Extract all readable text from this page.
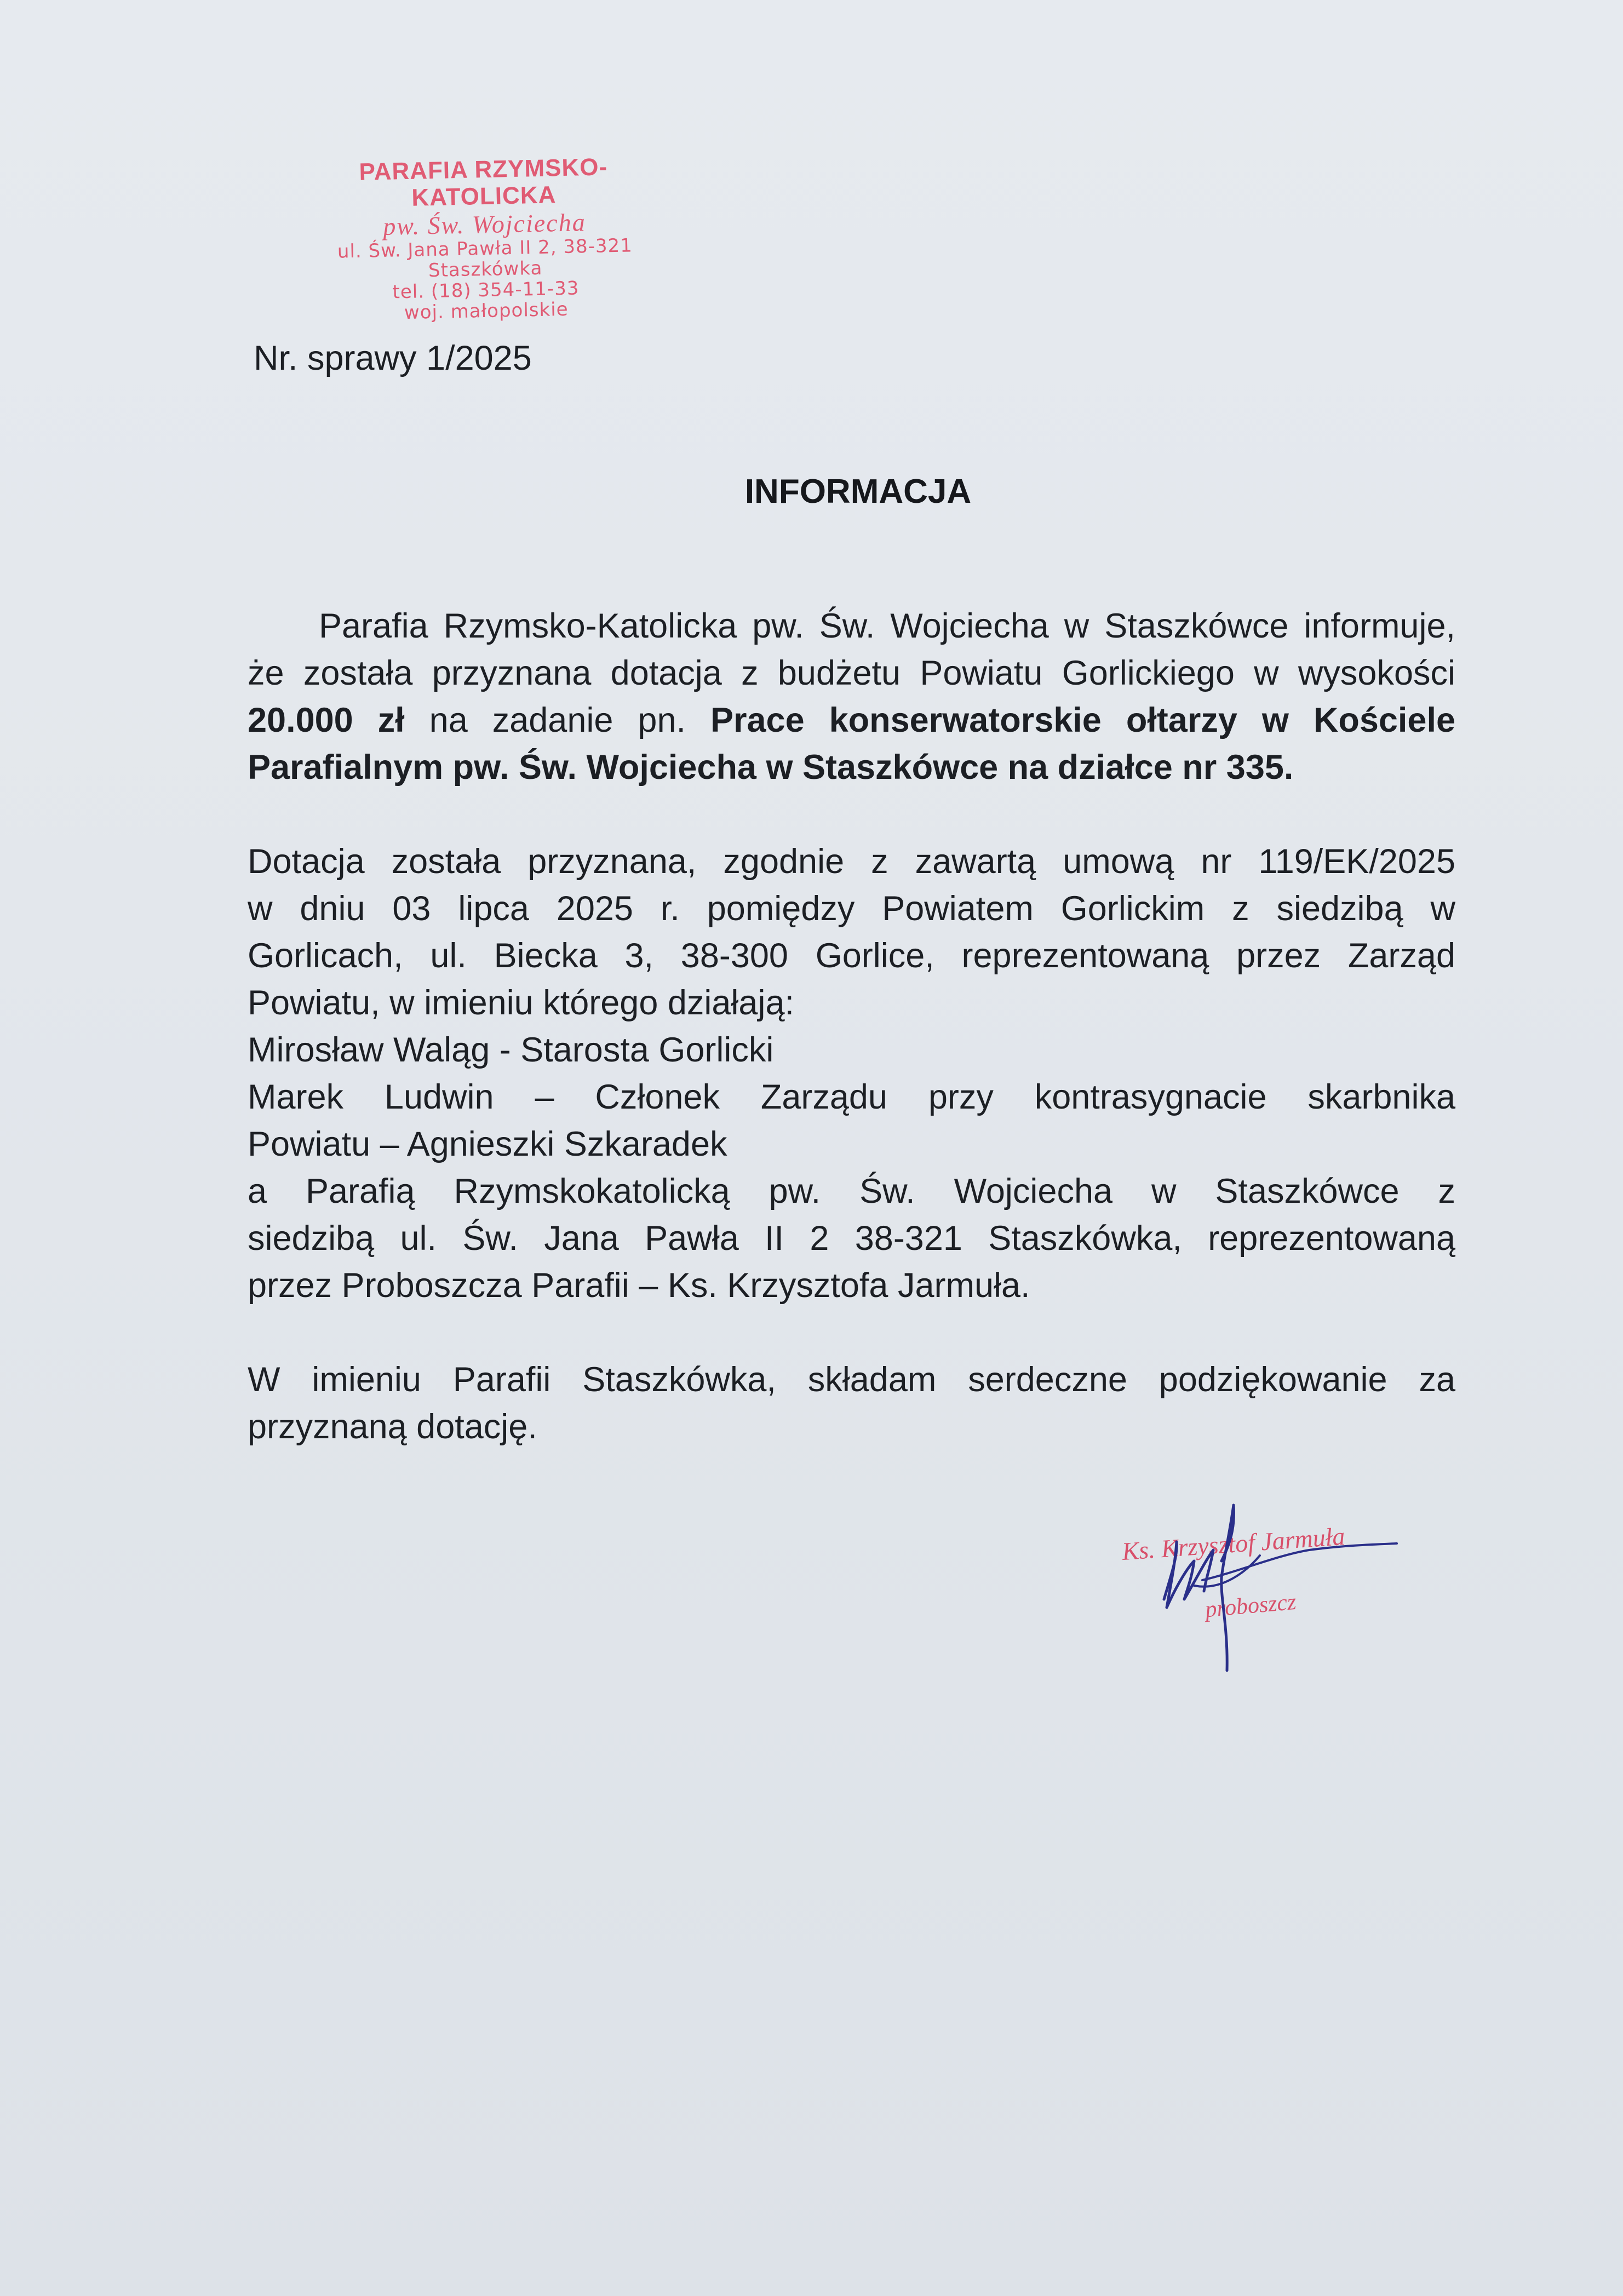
PARAFIA RZYMSKO-KATOLICKA
pw. Św. Wojciecha
ul. Św. Jana Pawła II 2, 38-321 Staszkówka
tel. (18) 354-11-33
woj. małopolskie
Nr. sprawy 1/2025
INFORMACJA

Parafia Rzymsko-Katolicka pw. Św. Wojciecha w Staszkówce informuje, że została przyznana dotacja z budżetu Powiatu Gorlickiego w wysokości 20.000 zł na zadanie pn. Prace konserwatorskie ołtarzy w Kościele Parafialnym pw. Św. Wojciecha w Staszkówce na działce nr 335.

Dotacja została przyznana, zgodnie z zawartą umową nr 119/EK/2025
w dniu 03 lipca 2025 r. pomiędzy Powiatem Gorlickim z siedzibą w
Gorlicach, ul. Biecka 3, 38-300 Gorlice, reprezentowaną przez Zarząd
Powiatu, w imieniu którego działają:
Mirosław Waląg - Starosta Gorlicki
Marek Ludwin – Członek Zarządu przy kontrasygnacie skarbnika
Powiatu – Agnieszki Szkaradek
a Parafią Rzymskokatolicką pw. Św. Wojciecha w Staszkówce z
siedzibą ul. Św. Jana Pawła II 2 38-321 Staszkówka, reprezentowaną
przez Proboszcza Parafii – Ks. Krzysztofa Jarmuła.

W imieniu Parafii Staszkówka, składam serdeczne podziękowanie za przyznaną dotację.

Ks. Krzysztof Jarmuła
proboszcz
